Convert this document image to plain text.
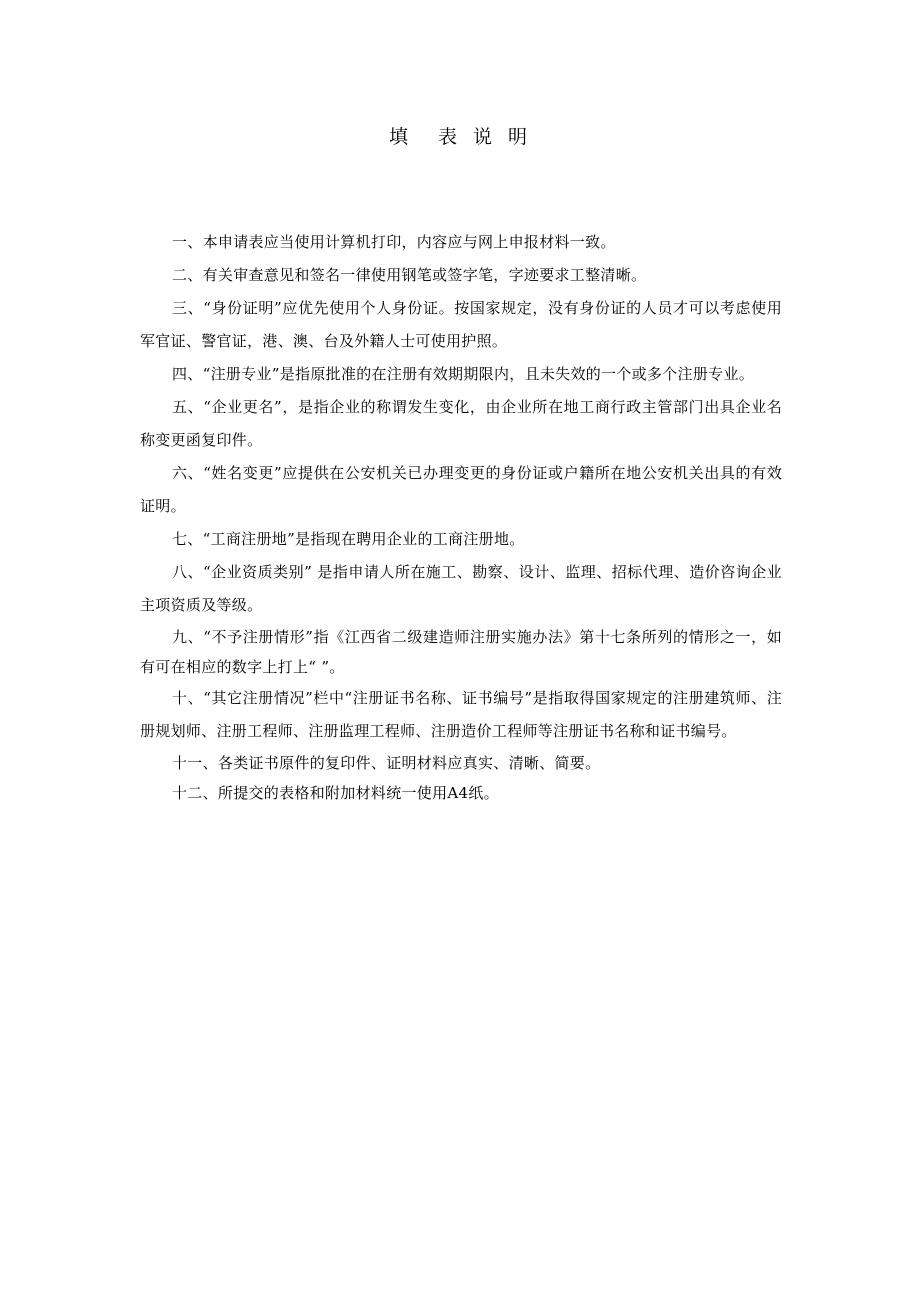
填 表 说 明

一、本申请表应当使用计算机打印，内容应与网上申报材料一致。

二、有关审查意见和签名一律使用钢笔或签字笔，字迹要求工整清晰。

三、“身份证明”应优先使用个人身份证。按国家规定，没有身份证的人员才可以考虑使用军官证、警官证，港、澳、台及外籍人士可使用护照。

四、“注册专业”是指原批准的在注册有效期期限内，且未失效的一个或多个注册专业。

五、“企业更名”，是指企业的称谓发生变化，由企业所在地工商行政主管部门出具企业名称变更函复印件。

六、“姓名变更”应提供在公安机关已办理变更的身份证或户籍所在地公安机关出具的有效证明。

七、“工商注册地”是指现在聘用企业的工商注册地。

八、“企业资质类别” 是指申请人所在施工、勘察、设计、监理、招标代理、造价咨询企业主项资质及等级。

九、“不予注册情形”指《江西省二级建造师注册实施办法》第十七条所列的情形之一，如有可在相应的数字上打上“ ”。

十、“其它注册情况”栏中“注册证书名称、证书编号”是指取得国家规定的注册建筑师、注册规划师、注册工程师、注册监理工程师、注册造价工程师等注册证书名称和证书编号。

十一、各类证书原件的复印件、证明材料应真实、清晰、简要。

十二、所提交的表格和附加材料统一使用A4纸。
